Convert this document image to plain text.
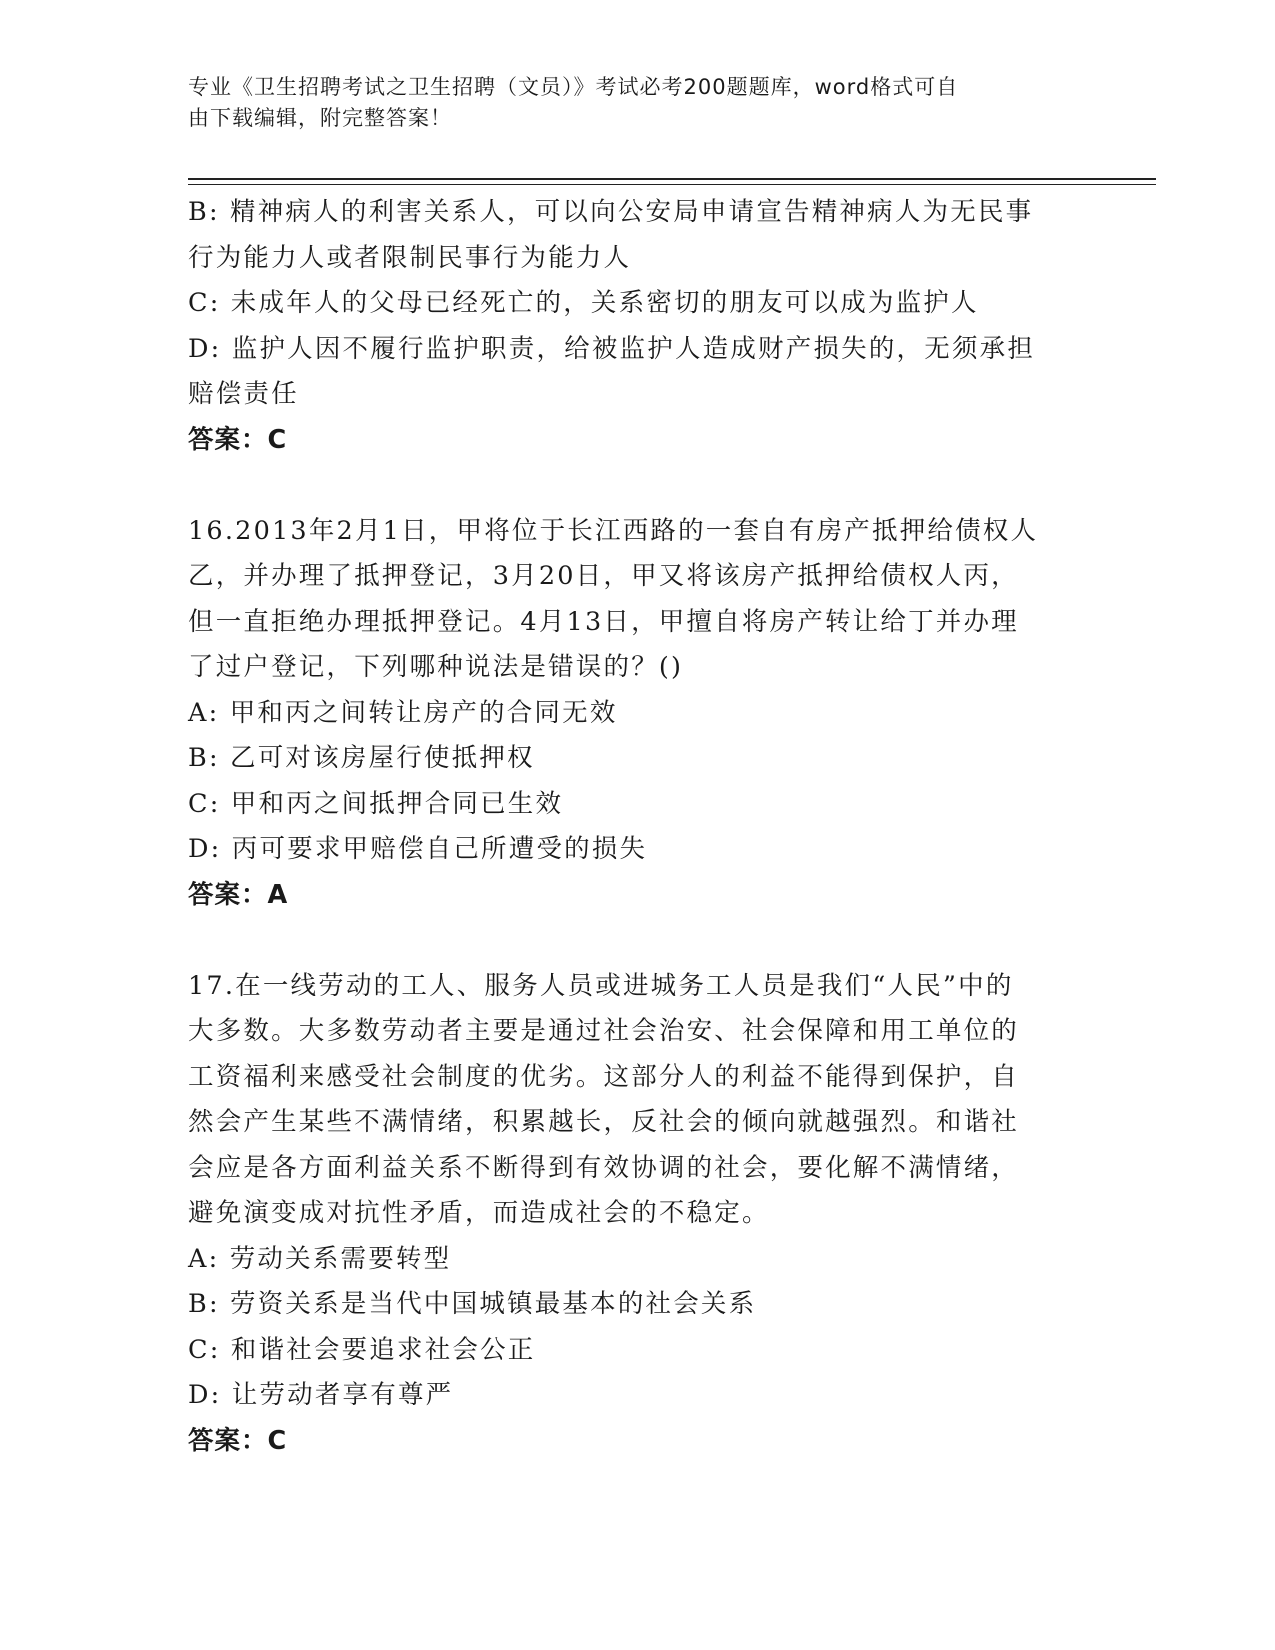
专业《卫生招聘考试之卫生招聘（文员）》考试必考200题题库，word格式可自
由下载编辑，附完整答案！
B: 精神病人的利害关系人，可以向公安局申请宣告精神病人为无民事
行为能力人或者限制民事行为能力人
C: 未成年人的父母已经死亡的，关系密切的朋友可以成为监护人
D: 监护人因不履行监护职责，给被监护人造成财产损失的，无须承担
赔偿责任
答案：C
16.2013年2月1日，甲将位于长江西路的一套自有房产抵押给债权人
乙，并办理了抵押登记，3月20日，甲又将该房产抵押给债权人丙，
但一直拒绝办理抵押登记。4月13日，甲擅自将房产转让给丁并办理
了过户登记，下列哪种说法是错误的？()
A: 甲和丙之间转让房产的合同无效
B: 乙可对该房屋行使抵押权
C: 甲和丙之间抵押合同已生效
D: 丙可要求甲赔偿自己所遭受的损失
答案：A
17.在一线劳动的工人、服务人员或进城务工人员是我们“人民”中的
大多数。大多数劳动者主要是通过社会治安、社会保障和用工单位的
工资福利来感受社会制度的优劣。这部分人的利益不能得到保护，自
然会产生某些不满情绪，积累越长，反社会的倾向就越强烈。和谐社
会应是各方面利益关系不断得到有效协调的社会，要化解不满情绪，
避免演变成对抗性矛盾，而造成社会的不稳定。
A: 劳动关系需要转型
B: 劳资关系是当代中国城镇最基本的社会关系
C: 和谐社会要追求社会公正
D: 让劳动者享有尊严
答案：C
